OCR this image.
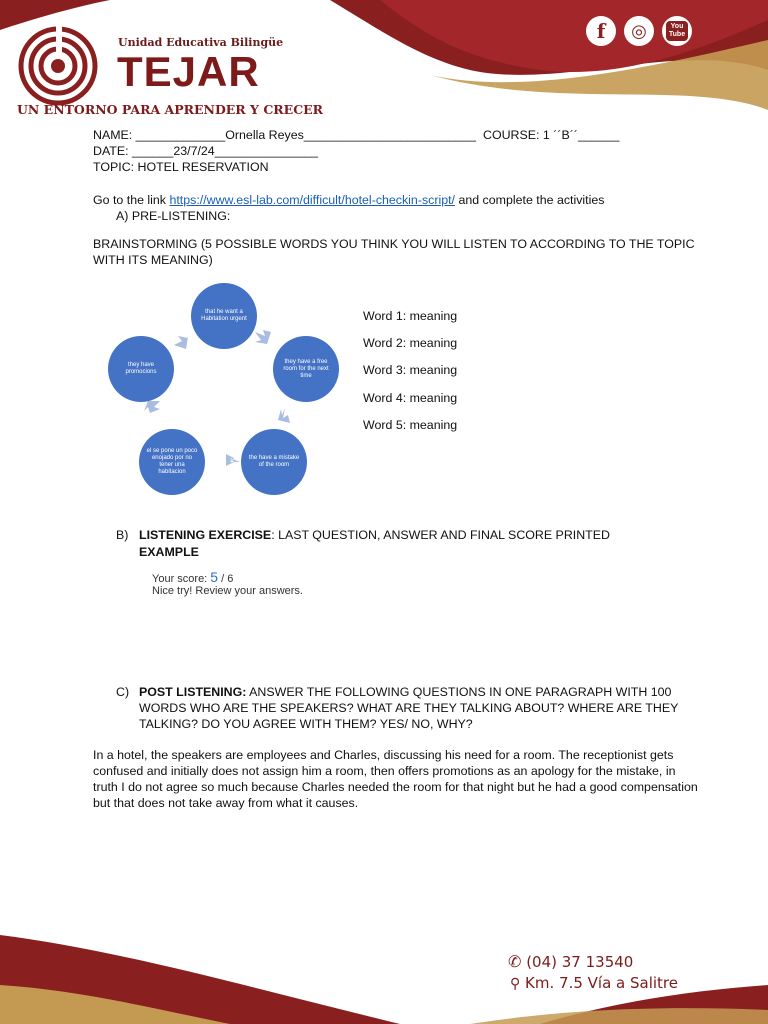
Unidad Educativa Bilingüe
TEJAR
UN ENTORNO PARA APRENDER Y CRECER
f ◎	You Tube
NAME: _____________Ornella Reyes_________________________ COURSE: 1 ´´B´´______
DATE: ______23/7/24_______________
TOPIC: HOTEL RESERVATION
Go to the link https://www.esl-lab.com/difficult/hotel-checkin-script/ and complete the activities
A) PRE-LISTENING:
BRAINSTORMING (5 POSSIBLE WORDS YOU THINK YOU WILL LISTEN TO ACCORDING TO THE TOPIC WITH ITS MEANING)
that he want a Habitation urgent
they have a free room for the next time
the have a mistake of the room
el se pone un poco enojado por no tener una habitacion
they have promocions
Word 1: meaning
Word 2: meaning
Word 3: meaning
Word 4: meaning
Word 5: meaning
B) LISTENING EXERCISE: LAST QUESTION, ANSWER AND FINAL SCORE PRINTED
EXAMPLE
Your score: 5 / 6
Nice try! Review your answers.
C) POST LISTENING: ANSWER THE FOLLOWING QUESTIONS IN ONE PARAGRAPH WITH 100 WORDS WHO ARE THE SPEAKERS? WHAT ARE THEY TALKING ABOUT? WHERE ARE THEY TALKING? DO YOU AGREE WITH THEM? YES/ NO, WHY?
In a hotel, the speakers are employees and Charles, discussing his need for a room. The receptionist gets confused and initially does not assign him a room, then offers promotions as an apology for the mistake, in truth I do not agree so much because Charles needed the room for that night but he had a good compensation but that does not take away from what it causes.
✆ (04) 37 13540
⚲ Km. 7.5 Vía a Salitre
